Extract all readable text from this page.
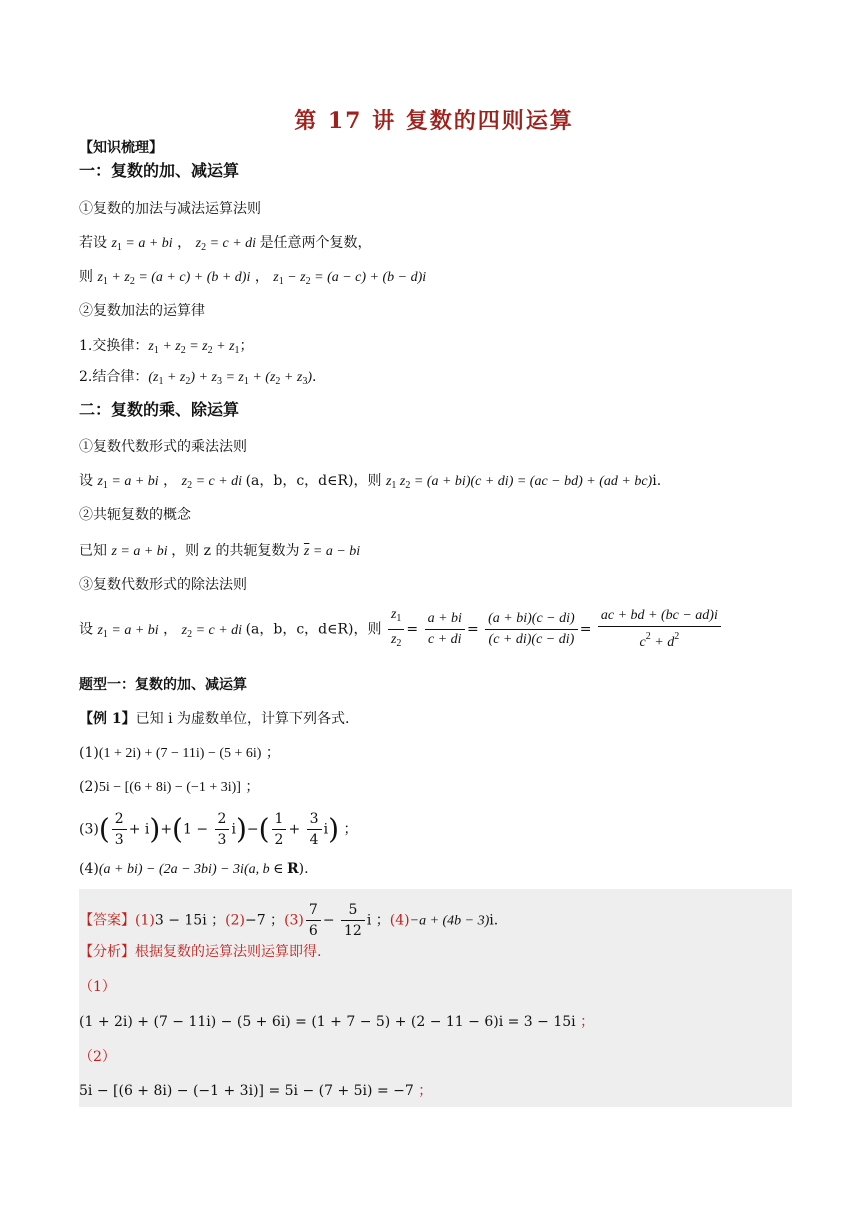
第 17 讲 复数的四则运算
【知识梳理】
一：复数的加、减运算
①复数的加法与减法运算法则
若设 $z_1 = a$ + bi ， $z_2 = c$ + di 是任意两个复数，
则 $z_1 + z_2 = (a + c) + (b + d)i$ ， $z_1 - z_2 = (a - c) + (b - d)i$
②复数加法的运算律
1.交换律：$z_1 + z_2 = z_2 + z_1$；
2.结合律：$(z_1 + z_2) + z_3 = z_1 + (z_2 + z_3)$.
二：复数的乘、除运算
①复数代数形式的乘法法则
设 $z_1 = a$ + bi ， $z_2 = c$ + di (a，b，c，d∈R)，则 $z_1$ $z_2 = (a + bi)(c + di) = (ac - bd) + (ad + bc)i$.
②共轭复数的概念
已知 z = a + bi ，则 z 的共轭复数为 $\overline{z} = a$ − bi
③复数代数形式的除法法则
设 $z_1 = a$ + bi ， $z_2 = c$ + di (a，b，c，d∈R)，则 $\frac{z_1}{z_2} = \frac{a + bi}{c + di} = \frac{(a + bi)(c - di)}{(c + di)(c - di)} = \frac{ac + bd + (bc - ad)i}{c^2 + d^2}$
题型一：复数的加、减运算
【例 1】已知 i 为虚数单位，计算下列各式.
(1)(1 + 2i) + (7 − 11i) − (5 + 6i) ；
(2)5i − [(6 + 8i) − (−1 + 3i)] ；
$(3)( \frac{2}{3} + i)+(1 - \frac{2}{3} i)-( \frac{1}{2} + \frac{3}{4} i)$ ；
(4)(a + bi) − (2a − 3bi) − 3i(a, b ∈ R).
【答案】(1)3 − 15i ；(2)−7 ；$(3) \frac{7}{6} - \frac{5}{12}$ i ；(4)−a + (4b − 3)i.
【分析】根据复数的运算法则运算即得.
（1）
(1 + 2i) + (7 − 11i) − (5 + 6i) = (1 + 7 − 5) + (2 − 11 − 6)i = 3 − 15i ；
（2）
5i − [(6 + 8i) − (−1 + 3i)] = 5i − (7 + 5i) = −7 ；
